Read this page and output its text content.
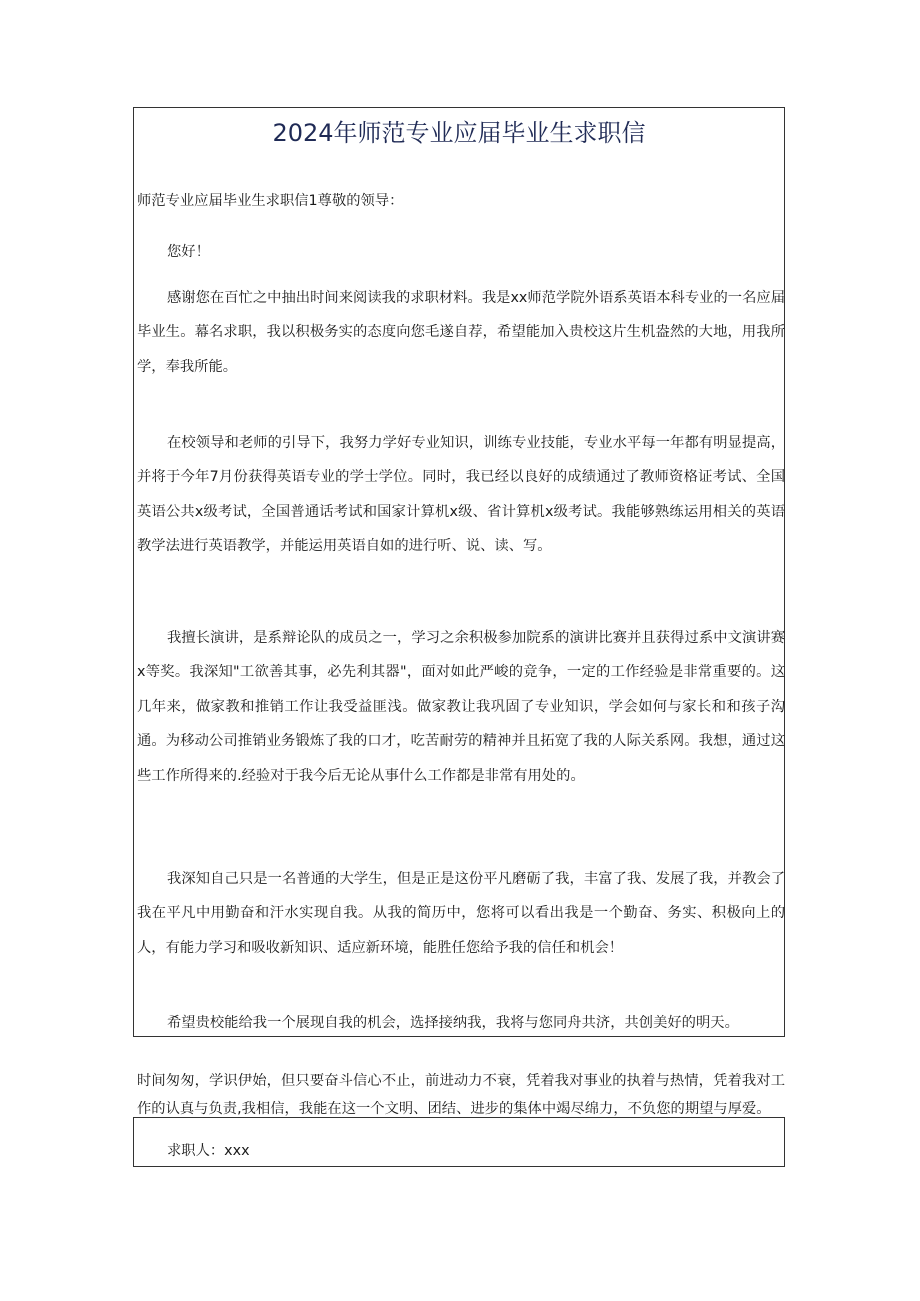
2024年师范专业应届毕业生求职信

师范专业应届毕业生求职信1尊敬的领导：

您好！

感谢您在百忙之中抽出时间来阅读我的求职材料。我是xx师范学院外语系英语本科专业的一名应届毕业生。幕名求职，我以积极务实的态度向您毛遂自荐，希望能加入贵校这片生机盎然的大地，用我所学，奉我所能。

在校领导和老师的引导下，我努力学好专业知识，训练专业技能，专业水平每一年都有明显提高，并将于今年7月份获得英语专业的学士学位。同时，我已经以良好的成绩通过了教师资格证考试、全国英语公共x级考试，全国普通话考试和国家计算机x级、省计算机x级考试。我能够熟练运用相关的英语教学法进行英语教学，并能运用英语自如的进行听、说、读、写。

我擅长演讲，是系辩论队的成员之一，学习之余积极参加院系的演讲比赛并且获得过系中文演讲赛x等奖。我深知"工欲善其事，必先利其器"，面对如此严峻的竞争，一定的工作经验是非常重要的。这几年来，做家教和推销工作让我受益匪浅。做家教让我巩固了专业知识，学会如何与家长和和孩子沟通。为移动公司推销业务锻炼了我的口才，吃苦耐劳的精神并且拓宽了我的人际关系网。我想，通过这些工作所得来的.经验对于我今后无论从事什么工作都是非常有用处的。

我深知自己只是一名普通的大学生，但是正是这份平凡磨砺了我，丰富了我、发展了我，并教会了我在平凡中用勤奋和汗水实现自我。从我的简历中，您将可以看出我是一个勤奋、务实、积极向上的人，有能力学习和吸收新知识、适应新环境，能胜任您给予我的信任和机会！

希望贵校能给我一个展现自我的机会，选择接纳我，我将与您同舟共济，共创美好的明天。

时间匆匆，学识伊始，但只要奋斗信心不止，前进动力不衰，凭着我对事业的执着与热情，凭着我对工作的认真与负责,我相信，我能在这一个文明、团结、进步的集体中竭尽绵力，不负您的期望与厚爱。

求职人：xxx
